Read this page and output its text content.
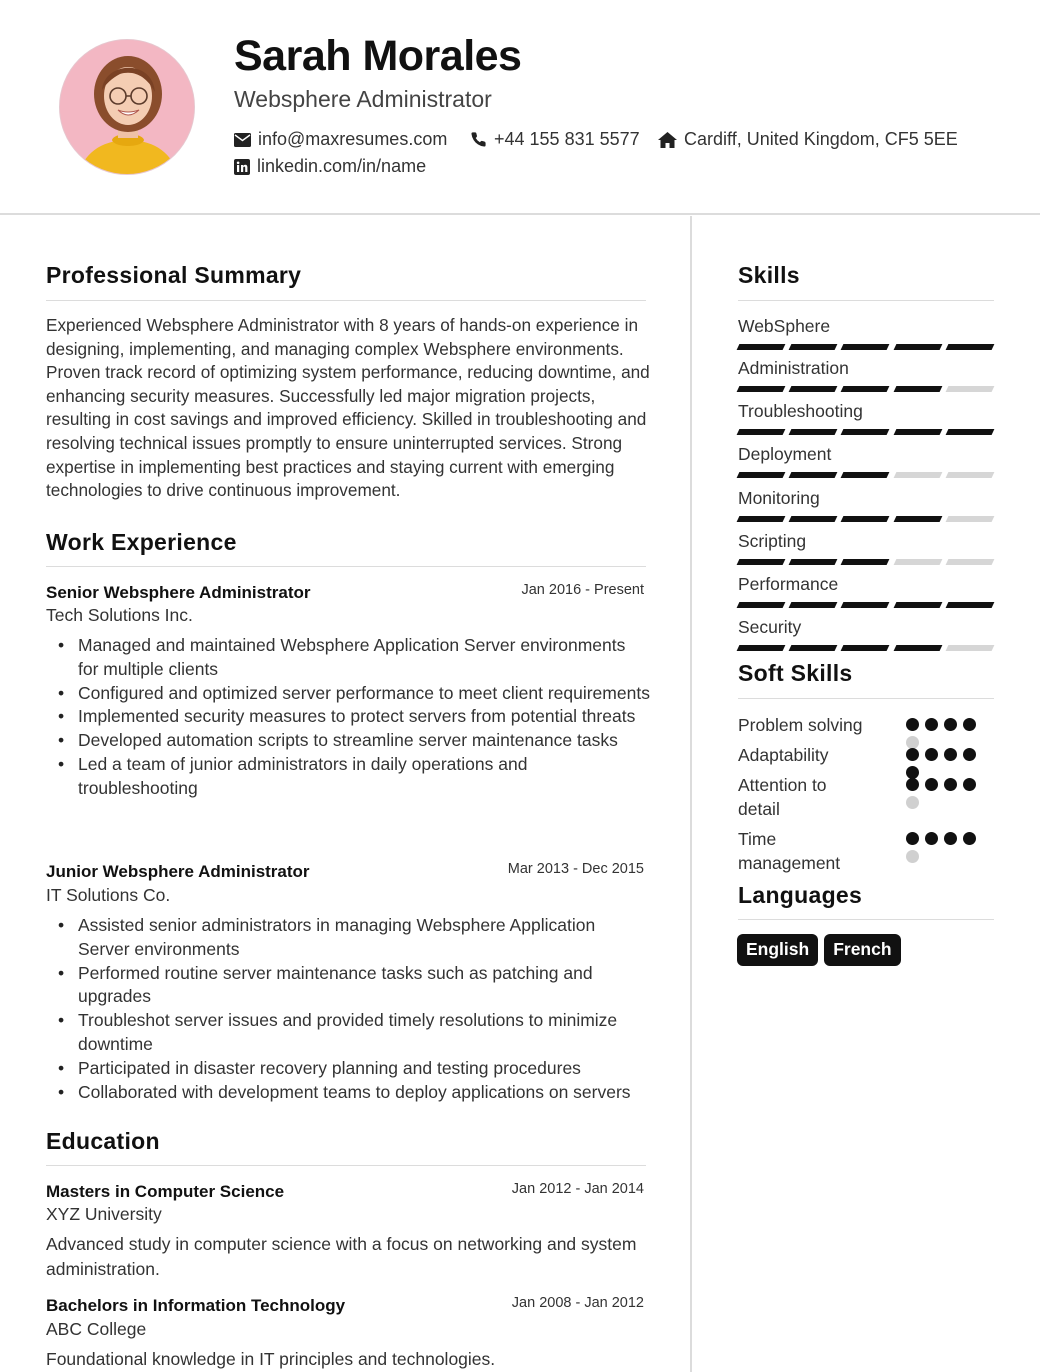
Sarah Morales
Websphere Administrator
info@maxresumes.com	+44 155 831 5577 Cardiff, United Kingdom, CF5 5EE
linkedin.com/in/name
Professional Summary
Experienced Websphere Administrator with 8 years of hands-on experience in designing, implementing, and managing complex Websphere environments. Proven track record of optimizing system performance, reducing downtime, and enhancing security measures. Successfully led major migration projects, resulting in cost savings and improved efficiency. Skilled in troubleshooting and resolving technical issues promptly to ensure uninterrupted services. Strong expertise in implementing best practices and staying current with emerging technologies to drive continuous improvement.
Work Experience
Senior Websphere Administrator	Jan 2016 - Present
Tech Solutions Inc.
• Managed and maintained Websphere Application Server environments for multiple clients
• Configured and optimized server performance to meet client requirements
• Implemented security measures to protect servers from potential threats
• Developed automation scripts to streamline server maintenance tasks
• Led a team of junior administrators in daily operations and troubleshooting
Junior Websphere Administrator	Mar 2013 - Dec 2015
IT Solutions Co.
• Assisted senior administrators in managing Websphere Application Server environments
• Performed routine server maintenance tasks such as patching and upgrades
• Troubleshot server issues and provided timely resolutions to minimize downtime
• Participated in disaster recovery planning and testing procedures
• Collaborated with development teams to deploy applications on servers
Education
Masters in Computer Science	Jan 2012 - Jan 2014
XYZ University
Advanced study in computer science with a focus on networking and system administration.
Bachelors in Information Technology	Jan 2008 - Jan 2012
ABC College
Foundational knowledge in IT principles and technologies.
Skills
WebSphere
Administration
Troubleshooting
Deployment
Monitoring
Scripting
Performance
Security
Soft Skills
Problem solving
Adaptability
Attention to detail
Time management
Languages
English	French
